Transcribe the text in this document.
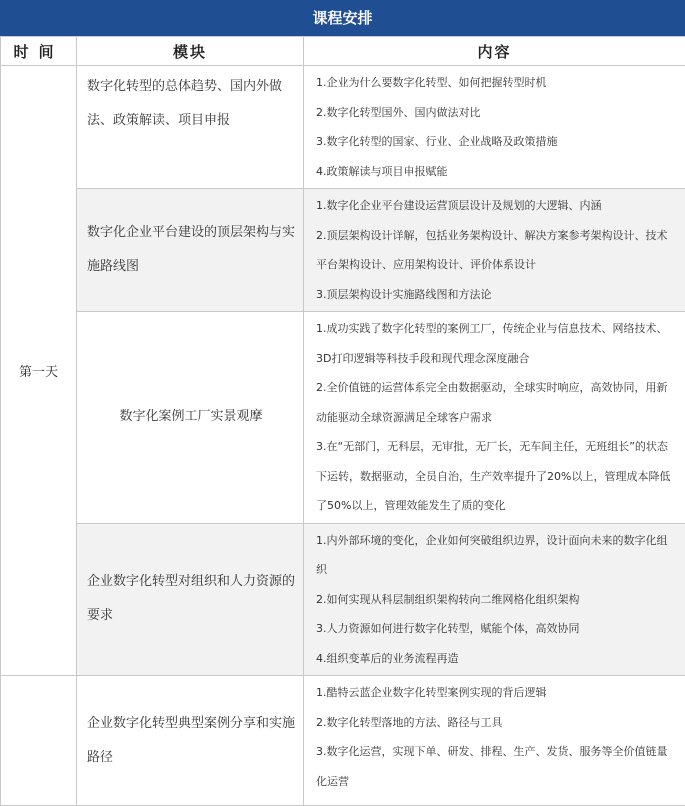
课程安排
时间	模块	内容
第一天	数字化转型的总体趋势、国内外做法、政策解读、项目申报	1.企业为什么要数字化转型、如何把握转型时机

2.数字化转型国外、国内做法对比

3.数字化转型的国家、行业、企业战略及政策措施

4.政策解读与项目申报赋能

	数字化企业平台建设的顶层架构与实施路线图	1.数字化企业平台建设运营顶层设计及规划的大逻辑、内涵

2.顶层架构设计详解，包括业务架构设计、解决方案参考架构设计、技术平台架构设计、应用架构设计、评价体系设计

3.顶层架构设计实施路线图和方法论

	数字化案例工厂实景观摩	1.成功实践了数字化转型的案例工厂，传统企业与信息技术、网络技术、3D打印逻辑等科技手段和现代理念深度融合

2.全价值链的运营体系完全由数据驱动，全球实时响应，高效协同，用新动能驱动全球资源满足全球客户需求

3.在“无部门，无科层，无审批，无厂长，无车间主任，无班组长”的状态下运转，数据驱动，全员自治，生产效率提升了20%以上，管理成本降低了50%以上，管理效能发生了质的变化

	企业数字化转型对组织和人力资源的要求	1.内外部环境的变化，企业如何突破组织边界，设计面向未来的数字化组织

2.如何实现从科层制组织架构转向二维网格化组织架构

3.人力资源如何进行数字化转型，赋能个体，高效协同

4.组织变革后的业务流程再造

	企业数字化转型典型案例分享和实施路径	1.酷特云蓝企业数字化转型案例实现的背后逻辑

2.数字化转型落地的方法、路径与工具

3.数字化运营，实现下单、研发、排程、生产、发货、服务等全价值链量化运营
